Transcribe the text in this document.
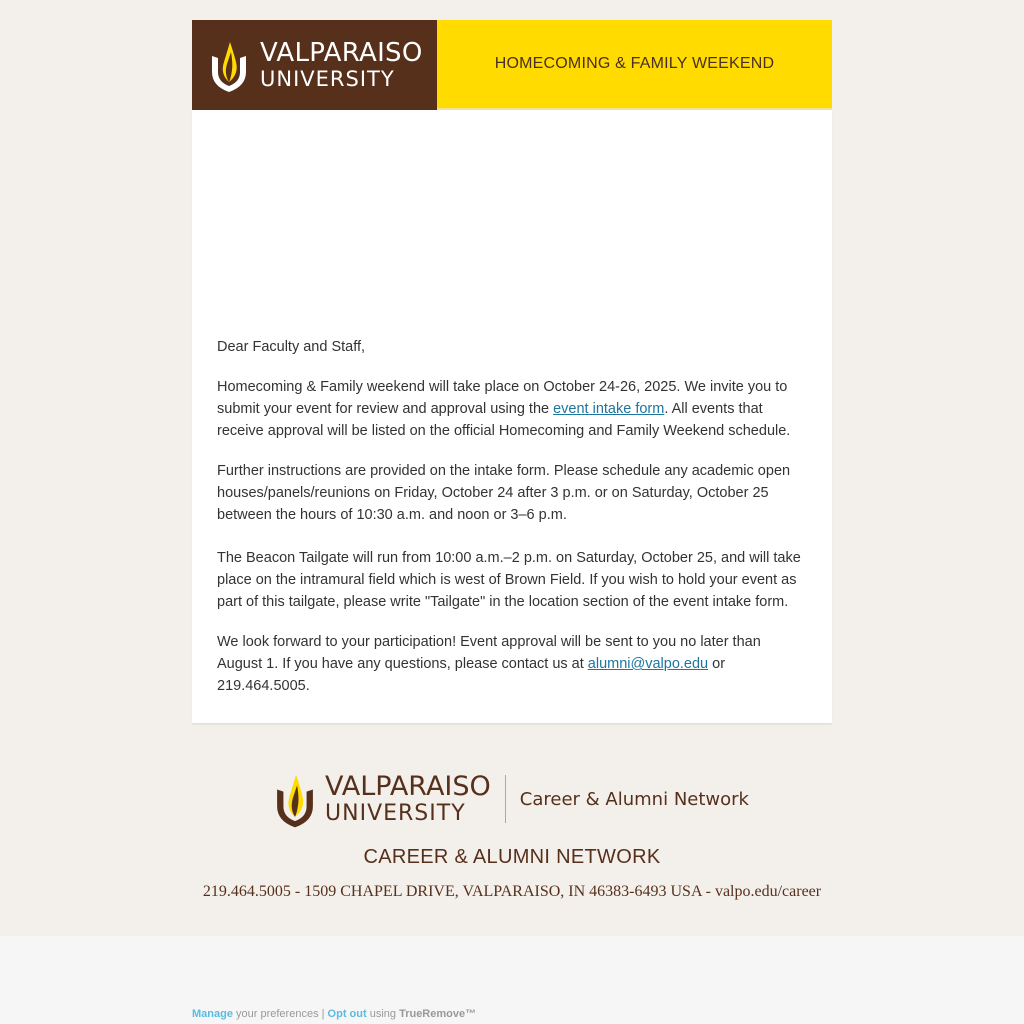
VALPARAISO
UNIVERSITY
HOMECOMING & FAMILY WEEKEND

Dear Faculty and Staff,

Homecoming & Family weekend will take place on October 24-26, 2025. We invite you to submit your event for review and approval using the event intake form. All events that receive approval will be listed on the official Homecoming and Family Weekend schedule.

Further instructions are provided on the intake form. Please schedule any academic open houses/panels/reunions on Friday, October 24 after 3 p.m. or on Saturday, October 25 between the hours of 10:30 a.m. and noon or 3–6 p.m.

The Beacon Tailgate will run from 10:00 a.m.–2 p.m. on Saturday, October 25, and will take place on the intramural field which is west of Brown Field. If you wish to hold your event as part of this tailgate, please write "Tailgate" in the location section of the event intake form.

We look forward to your participation! Event approval will be sent to you no later than August 1. If you have any questions, please contact us at alumni@valpo.edu or 219.464.5005.

VALPARAISO
UNIVERSITY
Career & Alumni Network
CAREER & ALUMNI NETWORK
219.464.5005 - 1509 CHAPEL DRIVE, VALPARAISO, IN 46383-6493 USA - valpo.edu/career
Manage your preferences | Opt out using TrueRemove™
